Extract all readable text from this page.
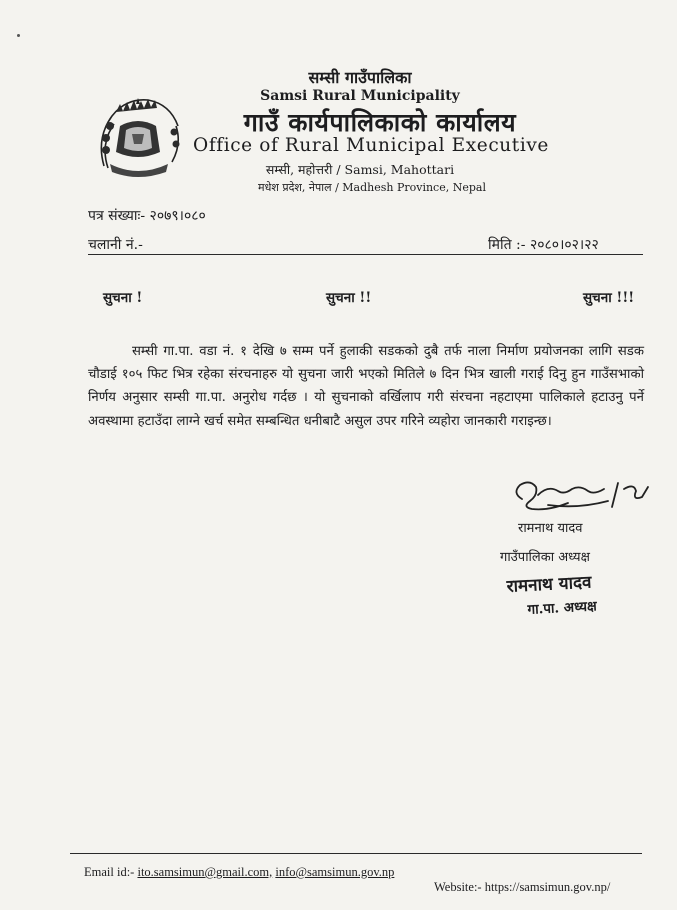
सम्सी गाउँपालिका
Samsi Rural Municipality
गाउँ कार्यपालिकाको कार्यालय
Office of Rural Municipal Executive
सम्सी, महोत्तरी / Samsi, Mahottari
मधेश प्रदेश, नेपाल / Madhesh Province, Nepal
पत्र संख्याः- २०७९।०८०
चलानी नं.-	मिति :- २०८०।०२।२२
सुचना !	सुचना !!	सुचना !!!

सम्सी गा.पा. वडा नं. १ देखि ७ सम्म पर्ने हुलाकी सडकको दुबै तर्फ नाला निर्माण प्रयोजनका लागि सडक चौडाई १०५ फिट भित्र रहेका संरचनाहरु यो सुचना जारी भएको मितिले ७ दिन भित्र खाली गराई दिनु हुन गाउँसभाको निर्णय अनुसार सम्सी गा.पा. अनुरोध गर्दछ । यो सुचनाको वर्खिलाप गरी संरचना नहटाएमा पालिकाले हटाउनु पर्ने अवस्थामा हटाउँदा लाग्ने खर्च समेत सम्बन्धित धनीबाटै असुल उपर गरिने व्यहोरा जानकारी गराइन्छ।

रामनाथ यादव
गाउँपालिका अध्यक्ष
रामनाथ यादव
गा.पा. अध्यक्ष
Email id:- ito.samsimun@gmail.com, info@samsimun.gov.np
Website:- https://samsimun.gov.np/
